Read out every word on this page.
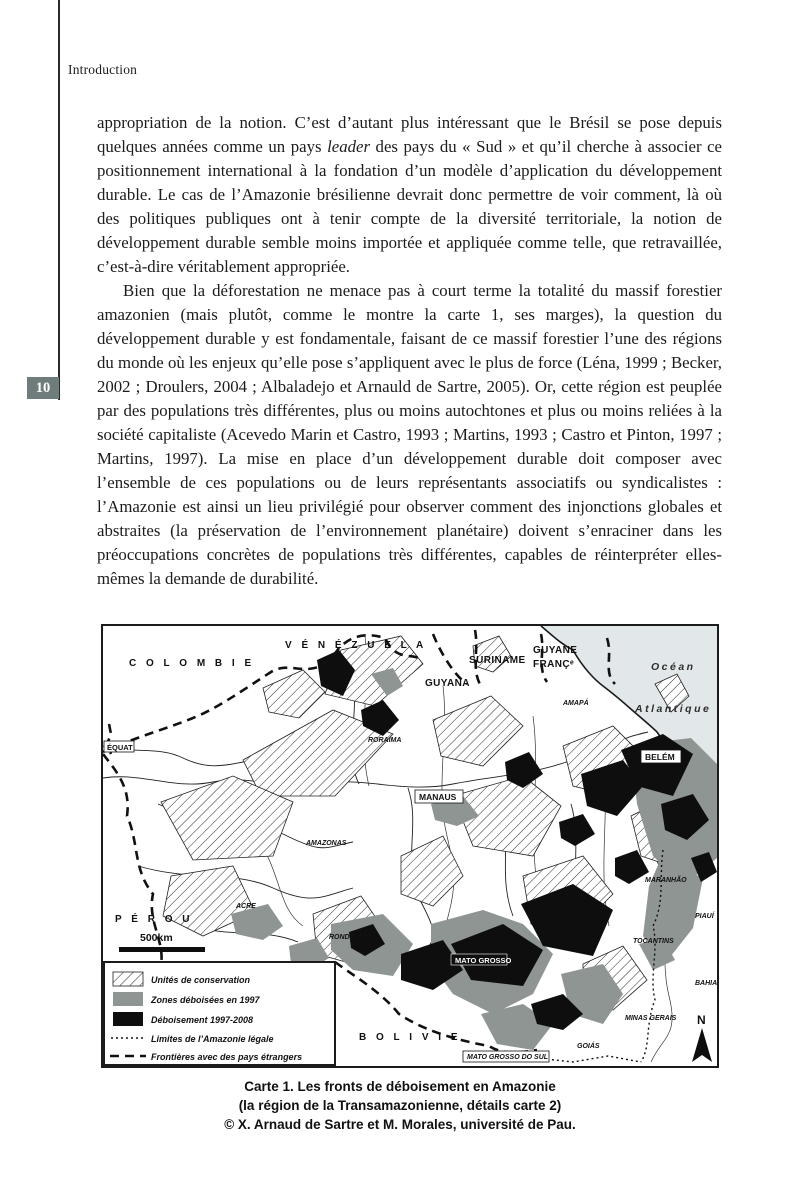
Introduction
10

appropriation de la notion. C’est d’autant plus intéressant que le Brésil se pose depuis quelques années comme un pays leader des pays du « Sud » et qu’il cherche à associer ce positionnement international à la fondation d’un modèle d’application du développement durable. Le cas de l’Amazonie brésilienne devrait donc permettre de voir comment, là où des politiques publiques ont à tenir compte de la diversité territoriale, la notion de développement durable semble moins importée et appliquée comme telle, que retravaillée, c’est-à-dire véritablement appropriée.

Bien que la déforestation ne menace pas à court terme la totalité du massif forestier amazonien (mais plutôt, comme le montre la carte 1, ses marges), la question du développement durable y est fondamentale, faisant de ce massif forestier l’une des régions du monde où les enjeux qu’elle pose s’appliquent avec le plus de force (Léna, 1999 ; Becker, 2002 ; Droulers, 2004 ; Albaladejo et Arnauld de Sartre, 2005). Or, cette région est peuplée par des populations très différentes, plus ou moins autochtones et plus ou moins reliées à la société capitaliste (Acevedo Marin et Castro, 1993 ; Martins, 1993 ; Castro et Pinton, 1997 ; Martins, 1997). La mise en place d’un développement durable doit composer avec l’ensemble de ces populations ou de leurs représentants associatifs ou syndicalistes : l’Amazonie est ainsi un lieu privilégié pour observer comment des injonctions globales et abstraites (la préservation de l’environnement planétaire) doivent s’enraciner dans les préoccupations concrètes de populations très différentes, capables de réinterpréter elles-mêmes la demande de durabilité.

C O L O M B I E
V É N É Z U E L A
GUYANA
SURINAME
GUYANE
FRANÇᵉ
P É R O U
B O L I V I E
Océan
Atlantique
ÉQUAT
AMAPÁ
RORAIMA
AMAZONAS
ACRE
MARANHÃO
PIAUÍ
RONDÔNIA
TOCANTINS
BAHIA
MINAS GERAIS
GOIÁS
BELÉM
MANAUS
MATO GROSSO
MATO GROSSO DO SUL
500km
N
Unités de conservation
Zones déboisées en 1997
Déboisement 1997-2008
Limites de l’Amazonie légale
Frontières avec des pays étrangers
Carte 1. Les fronts de déboisement en Amazonie
(la région de la Transamazonienne, détails carte 2)
© X. Arnaud de Sartre et M. Morales, université de Pau.
